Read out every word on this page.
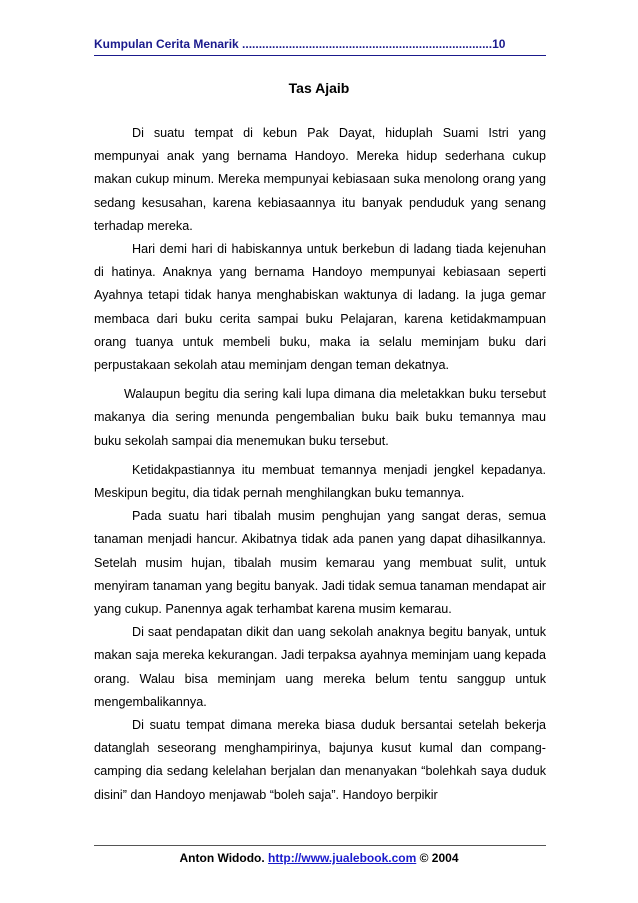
Kumpulan Cerita Menarik ...........................................................................10
Tas Ajaib

Di suatu tempat di kebun Pak Dayat, hiduplah Suami Istri yang mempunyai anak yang bernama Handoyo. Mereka hidup sederhana cukup makan cukup minum. Mereka mempunyai kebiasaan suka menolong orang yang sedang kesusahan, karena kebiasaannya itu banyak penduduk yang senang terhadap mereka.

Hari demi hari di habiskannya untuk berkebun di ladang tiada kejenuhan di hatinya. Anaknya yang bernama Handoyo mempunyai kebiasaan seperti Ayahnya tetapi tidak hanya menghabiskan waktunya di ladang. Ia juga gemar membaca dari buku cerita sampai buku Pelajaran, karena ketidakmampuan orang tuanya untuk membeli buku, maka ia selalu meminjam buku dari perpustakaan sekolah atau meminjam dengan teman dekatnya.

Walaupun begitu dia sering kali lupa dimana dia meletakkan buku tersebut makanya dia sering menunda pengembalian buku baik buku temannya mau buku sekolah sampai dia menemukan buku tersebut.

Ketidakpastiannya itu membuat temannya menjadi jengkel kepadanya. Meskipun begitu, dia tidak pernah menghilangkan buku temannya.

Pada suatu hari tibalah musim penghujan yang sangat deras, semua tanaman menjadi hancur. Akibatnya tidak ada panen yang dapat dihasilkannya. Setelah musim hujan, tibalah musim kemarau yang membuat sulit, untuk menyiram tanaman yang begitu banyak. Jadi tidak semua tanaman mendapat air yang cukup. Panennya agak terhambat karena musim kemarau.

Di saat pendapatan dikit dan uang sekolah anaknya begitu banyak, untuk makan saja mereka kekurangan. Jadi terpaksa ayahnya meminjam uang kepada orang. Walau bisa meminjam uang mereka belum tentu sanggup untuk mengembalikannya.

Di suatu tempat dimana mereka biasa duduk bersantai setelah bekerja datanglah seseorang menghampirinya, bajunya kusut kumal dan compang-camping dia sedang kelelahan berjalan dan menanyakan “bolehkah saya duduk disini” dan Handoyo menjawab “boleh saja”. Handoyo berpikir

Anton Widodo. http://www.jualebook.com © 2004
